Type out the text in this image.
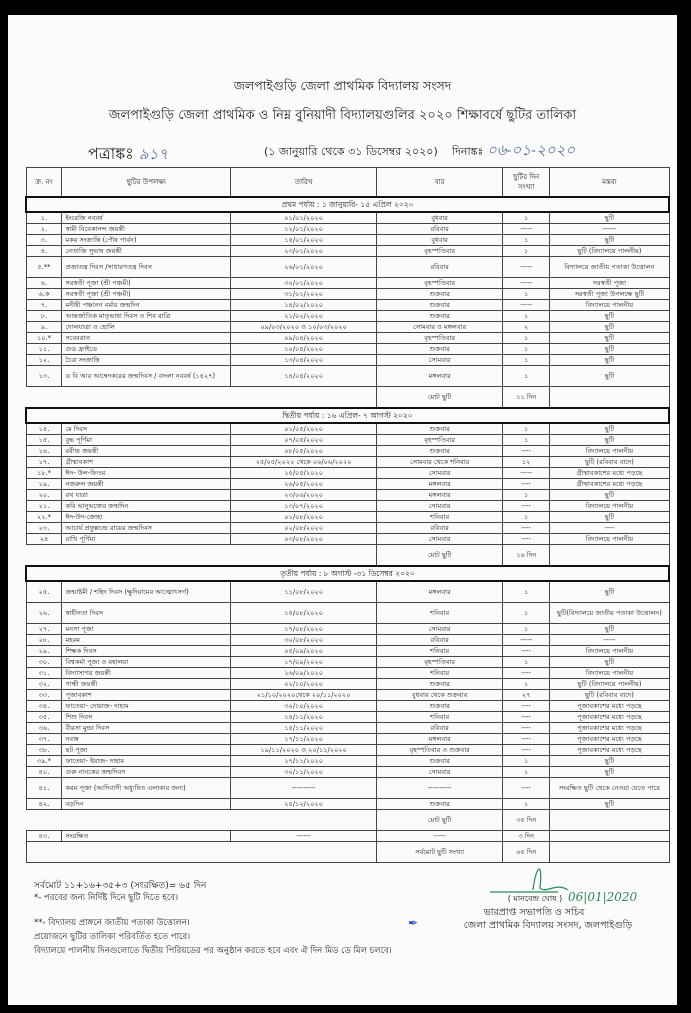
জলপাইগুড়ি জেলা প্রাথমিক বিদ্যালয় সংসদ
জলপাইগুড়ি জেলা প্রাথমিক ও নিম্ন বুনিয়াদী বিদ্যালয়গুলির ২০২০ শিক্ষাবর্ষে ছুটির তালিকা
পত্রাঙ্কঃ ৯১৭	(১ জানুয়ারি থেকে ৩১ ডিসেম্বর ২০২০) দিনাঙ্কঃ ০৬-০১-২০২০
ক্র. নং	ছুটির উপলক্ষ্য	তারিখ	বার	ছুটির দিন সংখ্যা	মন্তব্য
প্রথম পর্যায় : ১ জানুয়ারি- ১৫ এপ্রিল ২০২০					
১.	ইংরেজি নববর্ষ	০১/০১/২০২০	বুধবার	১	ছুটি
২.	স্বামী বিবেকানন্দ জয়ন্তী	১২/০১/২০২০	রবিবার	-----	------
৩.	মকর সংক্রান্তি (পৌষ পার্বন)	১৫/০১/২০২০	বুধবার	১	ছুটি
৪.	নেতাজি সুভাষ জয়ন্তী	২৩/০১/২০২০	বৃহস্পতিবার	১	ছুটি (বিদ্যালয়ে পালনীয়)
৫.**	প্রজাতন্ত্র দিবস /সাধারণতন্ত্র দিবস	২৬/০১/২০২০	রবিবার	-----	বিদ্যালয়ে জাতীয় পতাকা উত্তোলন
৬.	সরস্বতী পূজা (শ্রী পঞ্চমী)	৩০/০১/২০২০	বৃহস্পতিবার	-----	সরস্বতী পূজা
৬.ক	সরস্বতী পূজা (শ্রী পঞ্চমী)	৩১/০১/২০২০	শুক্রবার	১	সরস্বতী পূজা উপলক্ষে ছুটি
৭.	মনীষী পঞ্চানন বর্মার জন্মদিন	১৪/০২/২০২০	শুক্রবার	-----	বিদ্যালয়ে পালনীয়
৮.	আন্তর্জাতিক মাতৃভাষা দিবস ও শিব রাত্রি	২১/০২/২০২০	শুক্রবার	১	ছুটি
৯.	দোলযাত্রা ও হোলি	০৯/০৩/২০২০ ও ১০/০৩/২০২০	সোমবার ও মঙ্গলবার	২	ছুটি
১০.*	সবেবরাত	০৯/০৪/২০২০	বৃহস্পতিবার	১	ছুটি
১১.	গুড ফ্রাইডে	১০/০৪/২০২০	শুক্রবার	১	ছুটি
১২.	চৈত্র সংক্রান্তি	১৩/০৪/২০২০	সোমবার	১	ছুটি
১৩.	ড বি আর আম্বেদকরের জন্মদিবস / বাংলা নববর্ষ (১৪২৭)	১৪/০৪/২০২০	মঙ্গলবার	১	ছুটি
			মোট ছুটি	১১ দিন	
দ্বিতীয় পর্যায় : ১৬ এপ্রিল- ৭ আগস্ট ২০২০					
১৪.	মে দিবস	০১/০৫/২০২০	শুক্রবার	১	ছুটি
১৫.	বুদ্ধ পূর্ণিমা	০৭/০৫/২০২০	বৃহস্পতিবার	১	ছুটি
১৬.	রবীন্দ্র জয়ন্তী	০৮/০৫/২০২০	শুক্রবার	----	বিদ্যালয়ে পালনীয়
১৭.	গ্রীষ্মাবকাশ	২৫/০৫/২০২০ থেকে ০৬/০৬/২০২০	সোমবার থেকে শনিবার	১২	ছুটি (রবিবার বাদে)
১৮.*	ঈদ- উল-ফিতর	২৫/০৫/২০২০	সোমবার	-----	গ্রীষ্মাবকাশের মধ্যে পড়ছে
১৯.	নজরুল জয়ন্তী	২৬/০৫/২০২০	মঙ্গলবার	----	গ্রীষ্মাবকাশের মধ্যে পড়ছে
২০.	রথ যাত্রা	২৩/০৬/২০২০	মঙ্গলবার	১	ছুটি
২১.	কবি ভানুভক্তের জন্মদিন	১৩/০৭/২০২০	সোমবার	----	বিদ্যালয়ে পালনীয়
২২.*	ঈদ-উদ-জোহা	০১/০৮/২০২০	শনিবার	১	ছুটি
২৩.	আচার্য প্রফুল্লচন্দ্র রায়ের জন্মদিবস	০২/০৮/২০২০	রবিবার	----	----
২৪	রাখি পূর্ণিমা	০৩/০৮/২০২০	সোমবার	----	বিদ্যালয়ে পালনীয়
			মোট ছুটি	১৬ দিন	
তৃতীয় পর্যায় : ৮ অগাস্ট -৩১ ডিসেম্বর ২০২০					
২৫.	জন্মাষ্টমী / শহিদ দিবস (ক্ষুদিরামের আত্মোৎসর্গ)	১১/০৮/২০২০	মঙ্গলবার	১	ছুটি
২৬.	স্বাধীনতা দিবস	১৫/০৮/২০২০	শনিবার	১	ছুটি(বিদ্যালয়ে জাতীয় পতাকা উত্তোলন)
২৭.	মনসা পূজা	১৭/০৮/২০২০	সোমবার	১	ছুটি
২৮.	মহরম	৩০/০৮/২০২০	রবিবার	-----	-----
২৯.	শিক্ষক দিবস	০৫/০৯/২০২০	শনিবার	----	বিদ্যালয়ে পালনীয়
৩০.	বিশ্বকর্মা পূজা ও মহালয়া	১৭/০৯/২০২০	বৃহস্পতিবার	১	ছুটি
৩১.	বিদ্যাসাগর জয়ন্তী	২৬/০৯/২০২০	শনিবার	----	বিদ্যালয়ে পালনীয়
৩২.	গান্ধী জয়ন্তী	০২/১০/২০২০	শুক্রবার	১	ছুটি (বিদ্যালয়ে পালনীয়)
৩৩.	পূজাবকাশ	২১/১০/২০২০থেকে ২০/১১/২০২০	বুধবার থেকে শুক্রবার	২৭	ছুটি (রবিবার বাদে)
৩৪.	ফাতেয়া- দোয়াজ- দাহাম	৩০/১০/২০২০	শুক্রবার	----	পূজাবকাশের মধ্যে পড়ছে
৩৫.	শিশু দিবস	১৪/১১/২০২০	শনিবার	----	পূজাবকাশের মধ্যে পড়ছে
৩৬.	বীরসা মুন্ডা দিবস	১৫/১১/২০২০	রবিবার	----	পূজাবকাশের মধ্যে পড়ছে
৩৭.	নবান্ন	১৭/১১/২০২০	মঙ্গলবার	----	পূজাবকাশের মধ্যে পড়ছে
৩৮.	ছট পূজা	১৯/১১/২০২০ ও ২০/১১/২০২০	বৃহস্পতিবার ও শুক্রবার	----	পূজাবকাশের মধ্যে পড়ছে
৩৯.*	ফাতেয়া- ইয়াজ- দাহাম	২৭/১১/২০২০	শুক্রবার	১	ছুটি
৪০.	গুরু নানকের জন্মদিবস	৩০/১১/২০২০	সোমবার	১	ছুটি
৪১.	করম পূজা (আদিবাসী অধ্যুষিত এলাকার জন্য)	----------	----------	----	সংরক্ষিত ছুটি থেকে নেওয়া যেতে পারে
৪২.	বড়দিন	২৫/১২/২০২০	শুক্রবার	১	ছুটি
			মোট ছুটি	৩৫ দিন	
৪৩.	সংরক্ষিত	------	-----	৩ দিন	
			সর্বমোট ছুটি সংখ্যা	৬৫ দিন	
সর্বমোট ১১+১৬+৩৫+৩ (সংরক্ষিত)= ৬৫ দিন
*- পরবের জন্য নির্দিষ্ট দিনে ছুটি দিতে হবে।
**- বিদ্যালয় প্রাঙ্গনে জাতীয় পতাকা উত্তোলন।
প্রয়োজনে ছুটির তালিকা পরিবর্তিত হতে পারে।
বিদ্যালয়ে পালনীয় দিনগুলোতে দ্বিতীয় পিরিয়ডের পর অনুষ্ঠান করতে হবে এবং ঐ দিন মিড ডে মিল চলবে।
06|01|2020
( মানবেন্দ্র ঘোষ )
ভারপ্রাপ্ত সভাপতি ও সচিব
✒	জেলা প্রাথমিক বিদ্যালয় সংসদ, জলপাইগুড়ি
